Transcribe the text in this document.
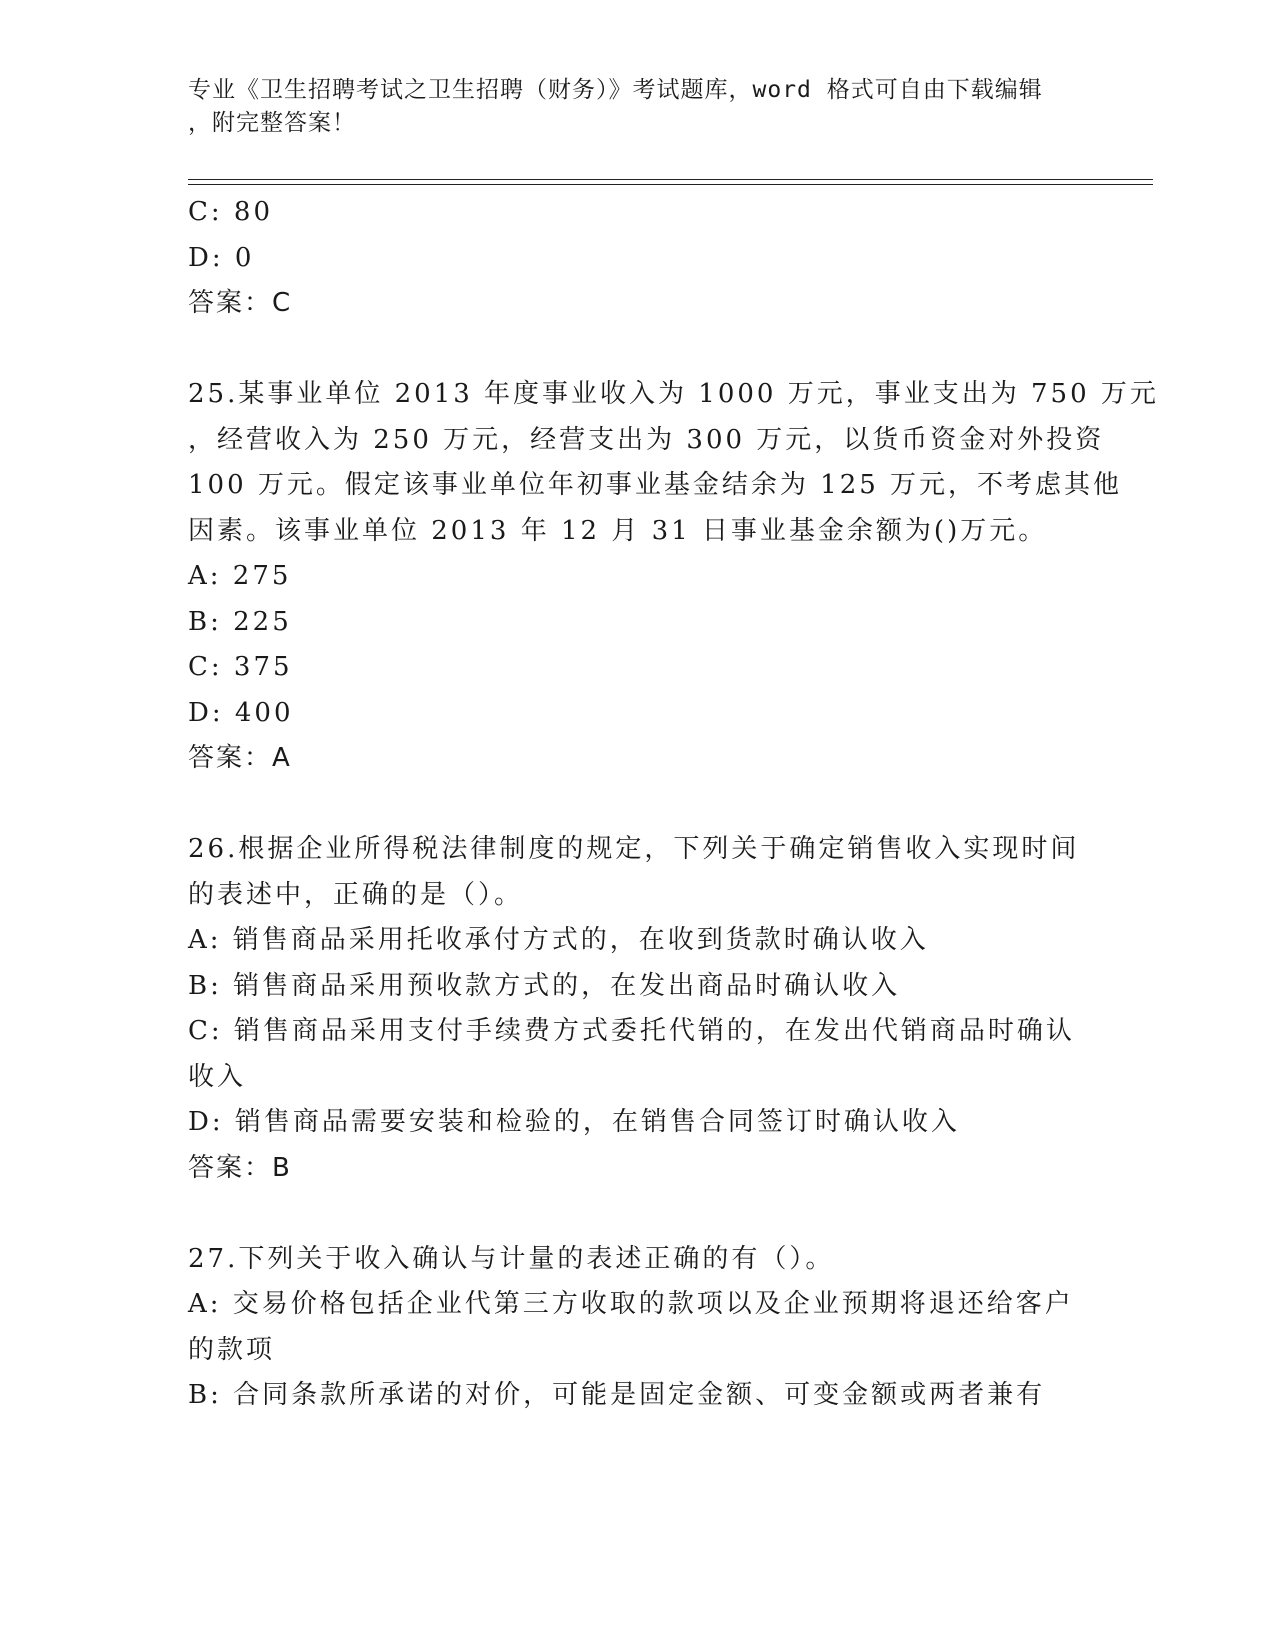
专业《卫生招聘考试之卫生招聘（财务）》考试题库，word 格式可自由下载编辑
，附完整答案！
C: 80
D: 0
答案：C
25.某事业单位 2013 年度事业收入为 1000 万元，事业支出为 750 万元
，经营收入为 250 万元，经营支出为 300 万元，以货币资金对外投资
100 万元。假定该事业单位年初事业基金结余为 125 万元，不考虑其他
因素。该事业单位 2013 年 12 月 31 日事业基金余额为()万元。
A: 275
B: 225
C: 375
D: 400
答案：A
26.根据企业所得税法律制度的规定，下列关于确定销售收入实现时间
的表述中，正确的是（）。
A: 销售商品采用托收承付方式的，在收到货款时确认收入
B: 销售商品采用预收款方式的，在发出商品时确认收入
C: 销售商品采用支付手续费方式委托代销的，在发出代销商品时确认
收入
D: 销售商品需要安装和检验的，在销售合同签订时确认收入
答案：B
27.下列关于收入确认与计量的表述正确的有（）。
A: 交易价格包括企业代第三方收取的款项以及企业预期将退还给客户
的款项
B: 合同条款所承诺的对价，可能是固定金额、可变金额或两者兼有
